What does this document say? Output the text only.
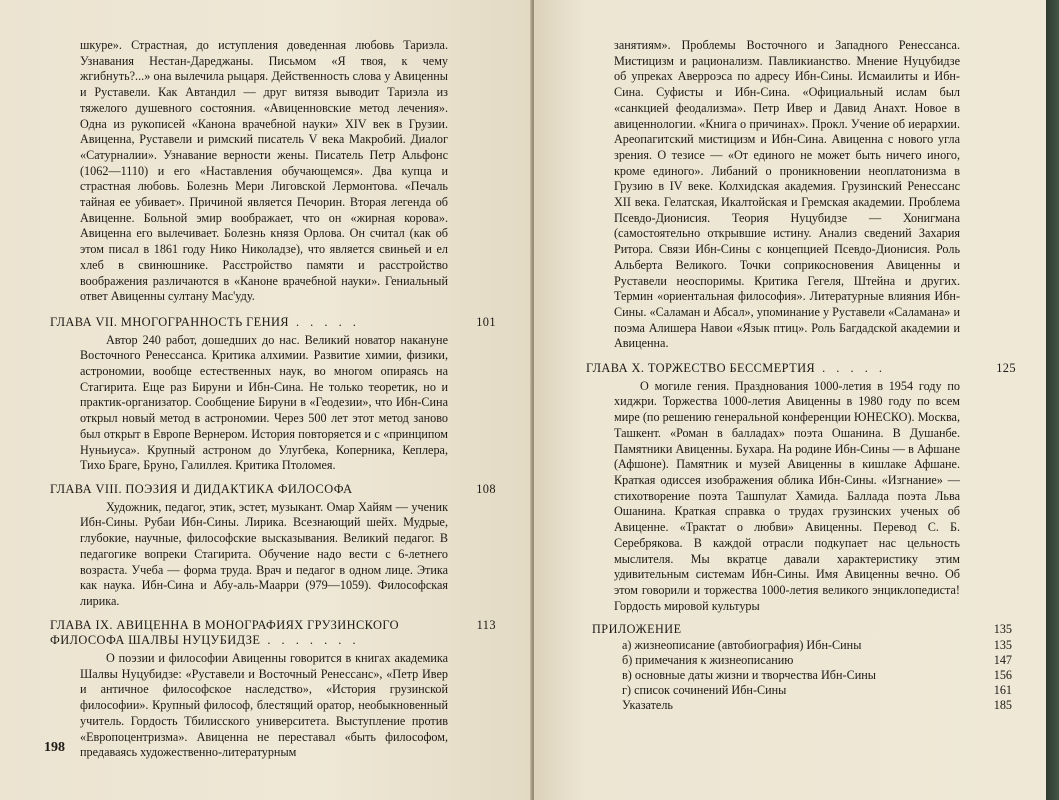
шкуре». Страстная, до иступления доведенная любовь Тариэла. Узнавания Нестан-Дареджаны. Письмом «Я твоя, к чему жгибнуть?...» она вылечила рыцаря. Действенность слова у Авиценны и Руставели. Как Автандил — друг витязя выводит Тариэла из тяжелого душевного состояния. «Авиценновские метод лечения». Одна из рукописей «Канона врачебной науки» XIV век в Грузии. Авиценна, Руставели и римский писатель V века Макробий. Диалог «Сатурналии». Узнавание верности жены. Писатель Петр Альфонс (1062—1110) и его «Наставления обучающемся». Два купца и страстная любовь. Болезнь Мери Лиговской Лермонтова. «Печаль тайная ее убивает». Причиной является Печорин. Вторая легенда об Авиценне. Больной эмир воображает, что он «жирная корова». Авиценна его вылечивает. Болезнь князя Орлова. Он считал (как об этом писал в 1861 году Нико Николадзе), что является свиньей и ел хлеб в свинюшнике. Расстройство памяти и расстройство воображения различаются в «Каноне врачебной науки». Гениальный ответ Авиценны султану Мас'уду.

ГЛАВА VII. МНОГОГРАННОСТЬ ГЕНИЯ . . . . .	101

Автор 240 работ, дошедших до нас. Великий новатор накануне Восточного Ренессанса. Критика алхимии. Развитие химии, физики, астрономии, вообще естественных наук, во многом опираясь на Стагирита. Еще раз Бируни и Ибн-Сина. Не только теоретик, но и практик-организатор. Сообщение Бируни в «Геодезии», что Ибн-Сина открыл новый метод в астрономии. Через 500 лет этот метод заново был открыт в Европе Вернером. История повторяется и с «принципом Нуньиуса». Крупный астроном до Улугбека, Коперника, Кеплера, Тихо Браге, Бруно, Галиллея. Критика Птоломея.

ГЛАВА VIII. ПОЭЗИЯ И ДИДАКТИКА ФИЛОСОФА	108

Художник, педагог, этик, эстет, музыкант. Омар Хайям — ученик Ибн-Сины. Рубаи Ибн-Сины. Лирика. Всезнающий шейх. Мудрые, глубокие, научные, философские высказывания. Великий педагог. В педагогике вопреки Стагирита. Обучение надо вести с 6-летнего возраста. Учеба — форма труда. Врач и педагог в одном лице. Этика как наука. Ибн-Сина и Абу-аль-Маарри (979—1059). Философская лирика.

ГЛАВА IX. АВИЦЕННА В МОНОГРАФИЯХ ГРУЗИНСКОГО ФИЛОСОФА ШАЛВЫ НУЦУБИДЗЕ . . . . . . .
113

О поэзии и философии Авиценны говорится в книгах академика Шалвы Нуцубидзе: «Руставели и Восточный Ренессанс», «Петр Ивер и античное философское наследство», «История грузинской философии». Крупный философ, блестящий оратор, необыкновенный учитель. Гордость Тбилисского университета. Выступление против «Европоцентризма». Авиценна не переставал «быть философом, предаваясь художественно-литературным

198

занятиям». Проблемы Восточного и Западного Ренессанса. Мистицизм и рационализм. Павликианство. Мнение Нуцубидзе об упреках Аверроэса по адресу Ибн-Сины. Исмаилиты и Ибн-Сина. Суфисты и Ибн-Сина. «Официальный ислам был «санкцией феодализма». Петр Ивер и Давид Анахт. Новое в авиценнологии. «Книга о причинах». Прокл. Учение об иерархии. Ареопагитский мистицизм и Ибн-Сина. Авиценна с нового угла зрения. О тезисе — «От единого не может быть ничего иного, кроме единого». Либаний о проникновении неоплатонизма в Грузию в IV веке. Колхидская академия. Грузинский Ренессанс XII века. Гелатская, Икалтойская и Гремская академии. Проблема Псевдо-Дионисия. Теория Нуцубидзе — Хонигмана (самостоятельно открывшие истину. Анализ сведений Захария Ритора. Связи Ибн-Сины с концепцией Псевдо-Дионисия. Роль Альберта Великого. Точки соприкосновения Авиценны и Руставели неоспоримы. Критика Гегеля, Штейна и других. Термин «ориентальная философия». Литературные влияния Ибн-Сины. «Саламан и Абсал», упоминание у Руставели «Саламана» и поэма Алишера Навои «Язык птиц». Роль Багдадской академии и Авиценна.

ГЛАВА X. ТОРЖЕСТВО БЕССМЕРТИЯ . . . . .	125

О могиле гения. Празднования 1000-летия в 1954 году по хиджри. Торжества 1000-летия Авиценны в 1980 году по всем мире (по решению генеральной конференции ЮНЕСКО). Москва, Ташкент. «Роман в балладах» поэта Ошанина. В Душанбе. Памятники Авиценны. Бухара. На родине Ибн-Сины — в Афшане (Афшоне). Памятник и музей Авиценны в кишлаке Афшане. Краткая одиссея изображения облика Ибн-Сины. «Изгнание» — стихотворение поэта Ташпулат Хамида. Баллада поэта Льва Ошанина. Краткая справка о трудах грузинских ученых об Авиценне. «Трактат о любви» Авиценны. Перевод С. Б. Серебрякова. В каждой отрасли подкупает нас цельность мыслителя. Мы вкратце давали характеристику этим удивительным системам Ибн-Сины. Имя Авиценны вечно. Об этом говорили и торжества 1000-летия великого энциклопедиста! Гордость мировой культуры

ПРИЛОЖЕНИЕ	135
а) жизнеописание (автобиография) Ибн-Сины	135
б) примечания к жизнеописанию	147
в) основные даты жизни и творчества Ибн-Сины	156
г) список сочинений Ибн-Сины	161
Указатель	185
